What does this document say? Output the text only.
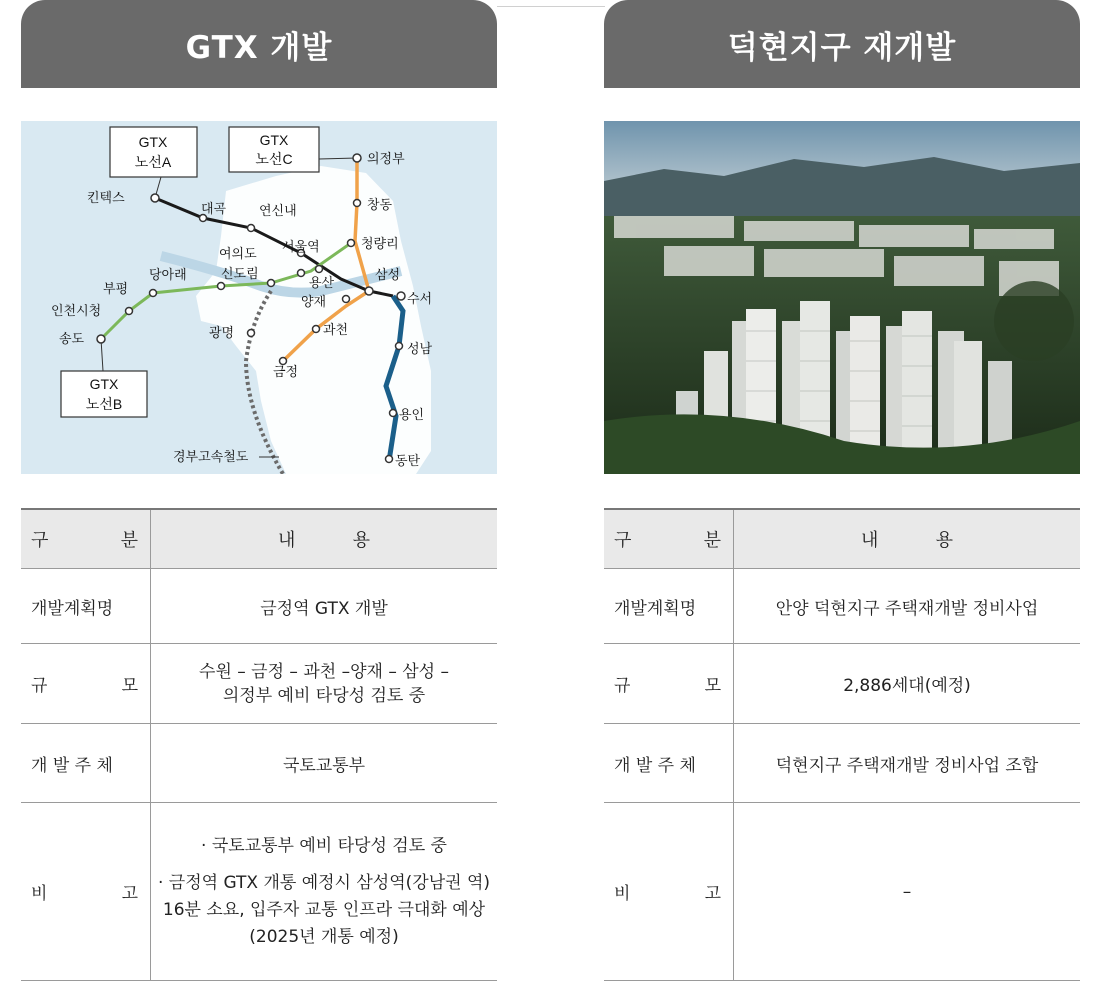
GTX 개발
GTX
노선A
GTX
노선C
GTX
노선B
킨텍스
대곡	연신내
서울역
의정부
창동
청량리
여의도
신도림
당아래
부평
인천시청
송도
용산
삼성
수서
양재
과천
금정
광명
성남
용인
동탄
경부고속철도
구 분	내          용
개발계획명	금정역 GTX 개발

규 모	수원 – 금정 – 과천 –양재 – 삼성 –
의정부 예비 타당성 검토 중

개 발 주 체	국토교통부

비 고	· 국토교통부 예비 타당성 검토 중
· 금정역 GTX 개통 예정시 삼성역(강남권 역) 16분 소요, 입주자 교통 인프라 극대화 예상 (2025년 개통 예정)
덕현지구 재개발
구 분	내          용
개발계획명	안양 덕현지구 주택재개발 정비사업

규 모	2,886세대(예정)
개 발 주 체	덕현지구 주택재개발 정비사업 조합

비 고	–
